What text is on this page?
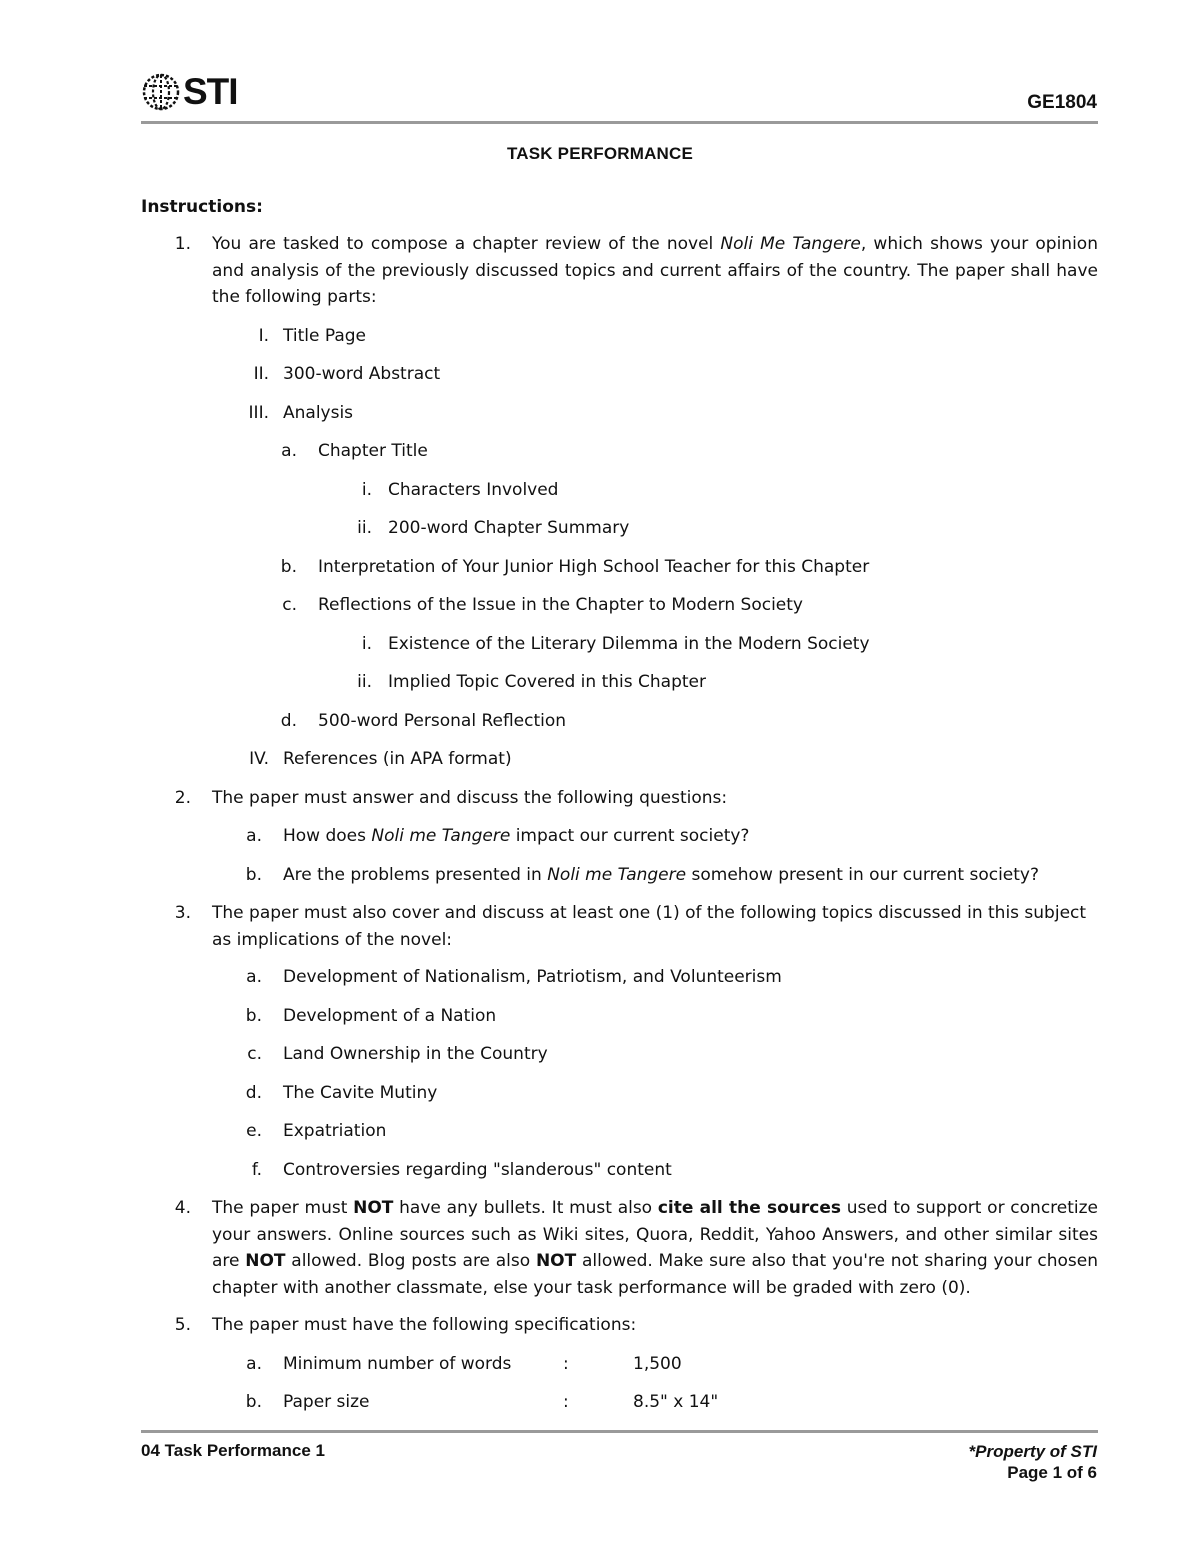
STI	GE1804
TASK PERFORMANCE
Instructions:
1. You are tasked to compose a chapter review of the novel Noli Me Tangere, which shows your opinion and analysis of the previously discussed topics and current affairs of the country. The paper shall have the following parts:
I. Title Page
II. 300-word Abstract
III. Analysis
a. Chapter Title
i. Characters Involved
ii. 200-word Chapter Summary
b. Interpretation of Your Junior High School Teacher for this Chapter
c. Reflections of the Issue in the Chapter to Modern Society
i. Existence of the Literary Dilemma in the Modern Society
ii. Implied Topic Covered in this Chapter
d. 500-word Personal Reflection
IV. References (in APA format)
2. The paper must answer and discuss the following questions:
a. How does Noli me Tangere impact our current society?
b. Are the problems presented in Noli me Tangere somehow present in our current society?
3. The paper must also cover and discuss at least one (1) of the following topics discussed in this subject as implications of the novel:
a. Development of Nationalism, Patriotism, and Volunteerism
b. Development of a Nation
c. Land Ownership in the Country
d. The Cavite Mutiny
e. Expatriation
f. Controversies regarding "slanderous" content
4. The paper must NOT have any bullets. It must also cite all the sources used to support or concretize your answers. Online sources such as Wiki sites, Quora, Reddit, Yahoo Answers, and other similar sites are NOT allowed. Blog posts are also NOT allowed. Make sure also that you're not sharing your chosen chapter with another classmate, else your task performance will be graded with zero (0).
5. The paper must have the following specifications:
a. Minimum number of words	:	1,500
b. Paper size	:	8.5" x 14"
04 Task Performance 1	*Property of STI
Page 1 of 6
